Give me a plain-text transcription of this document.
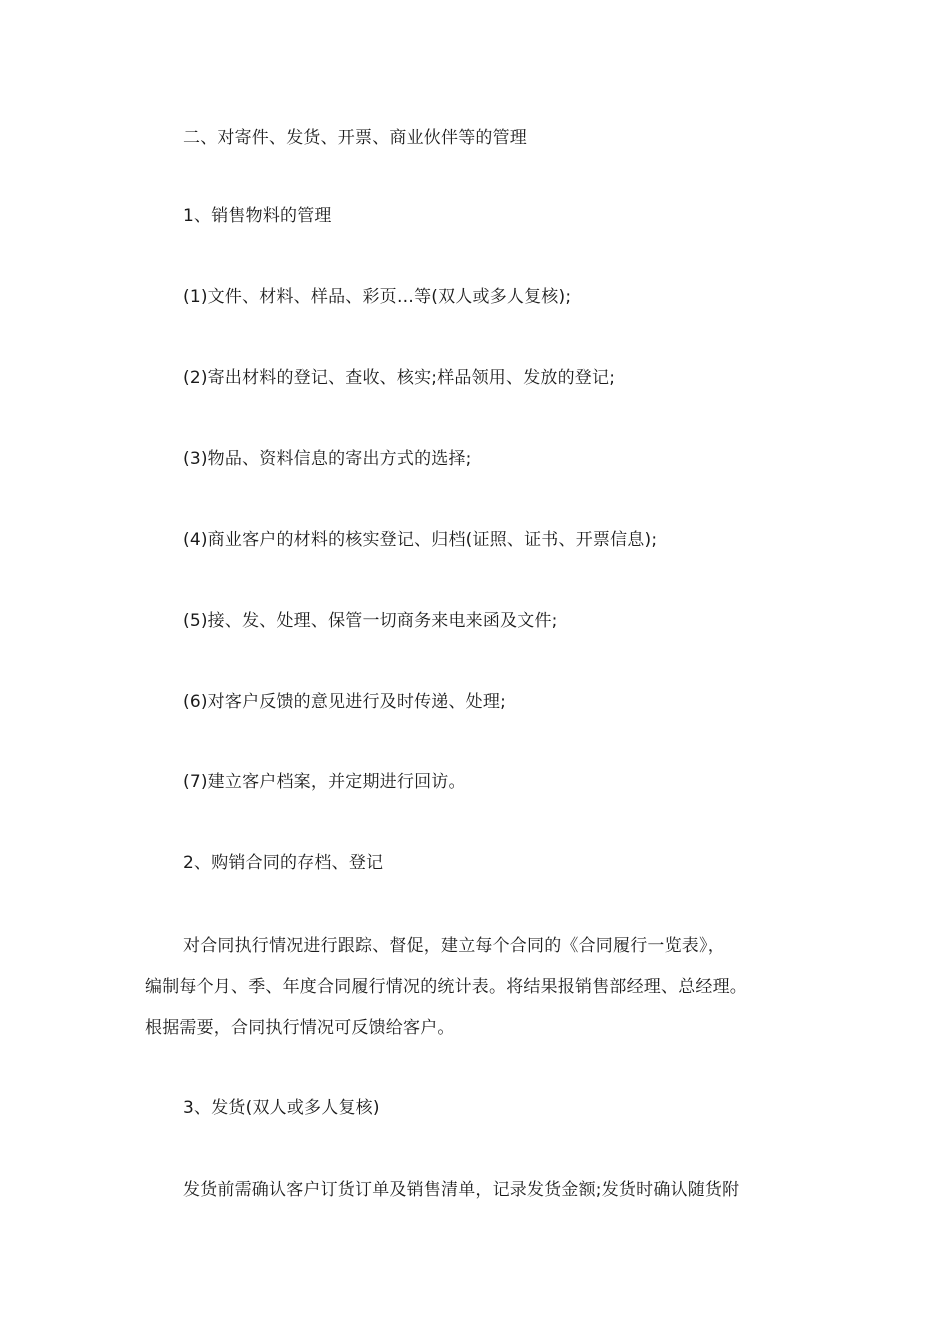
二、对寄件、发货、开票、商业伙伴等的管理
1、销售物料的管理
(1)文件、材料、样品、彩页…等(双人或多人复核);
(2)寄出材料的登记、查收、核实;样品领用、发放的登记;
(3)物品、资料信息的寄出方式的选择;
(4)商业客户的材料的核实登记、归档(证照、证书、开票信息);
(5)接、发、处理、保管一切商务来电来函及文件;
(6)对客户反馈的意见进行及时传递、处理;
(7)建立客户档案，并定期进行回访。
2、购销合同的存档、登记
对合同执行情况进行跟踪、督促，建立每个合同的《合同履行一览表》，
编制每个月、季、年度合同履行情况的统计表。将结果报销售部经理、总经理。
根据需要，合同执行情况可反馈给客户。
3、发货(双人或多人复核)
发货前需确认客户订货订单及销售清单，记录发货金额;发货时确认随货附
